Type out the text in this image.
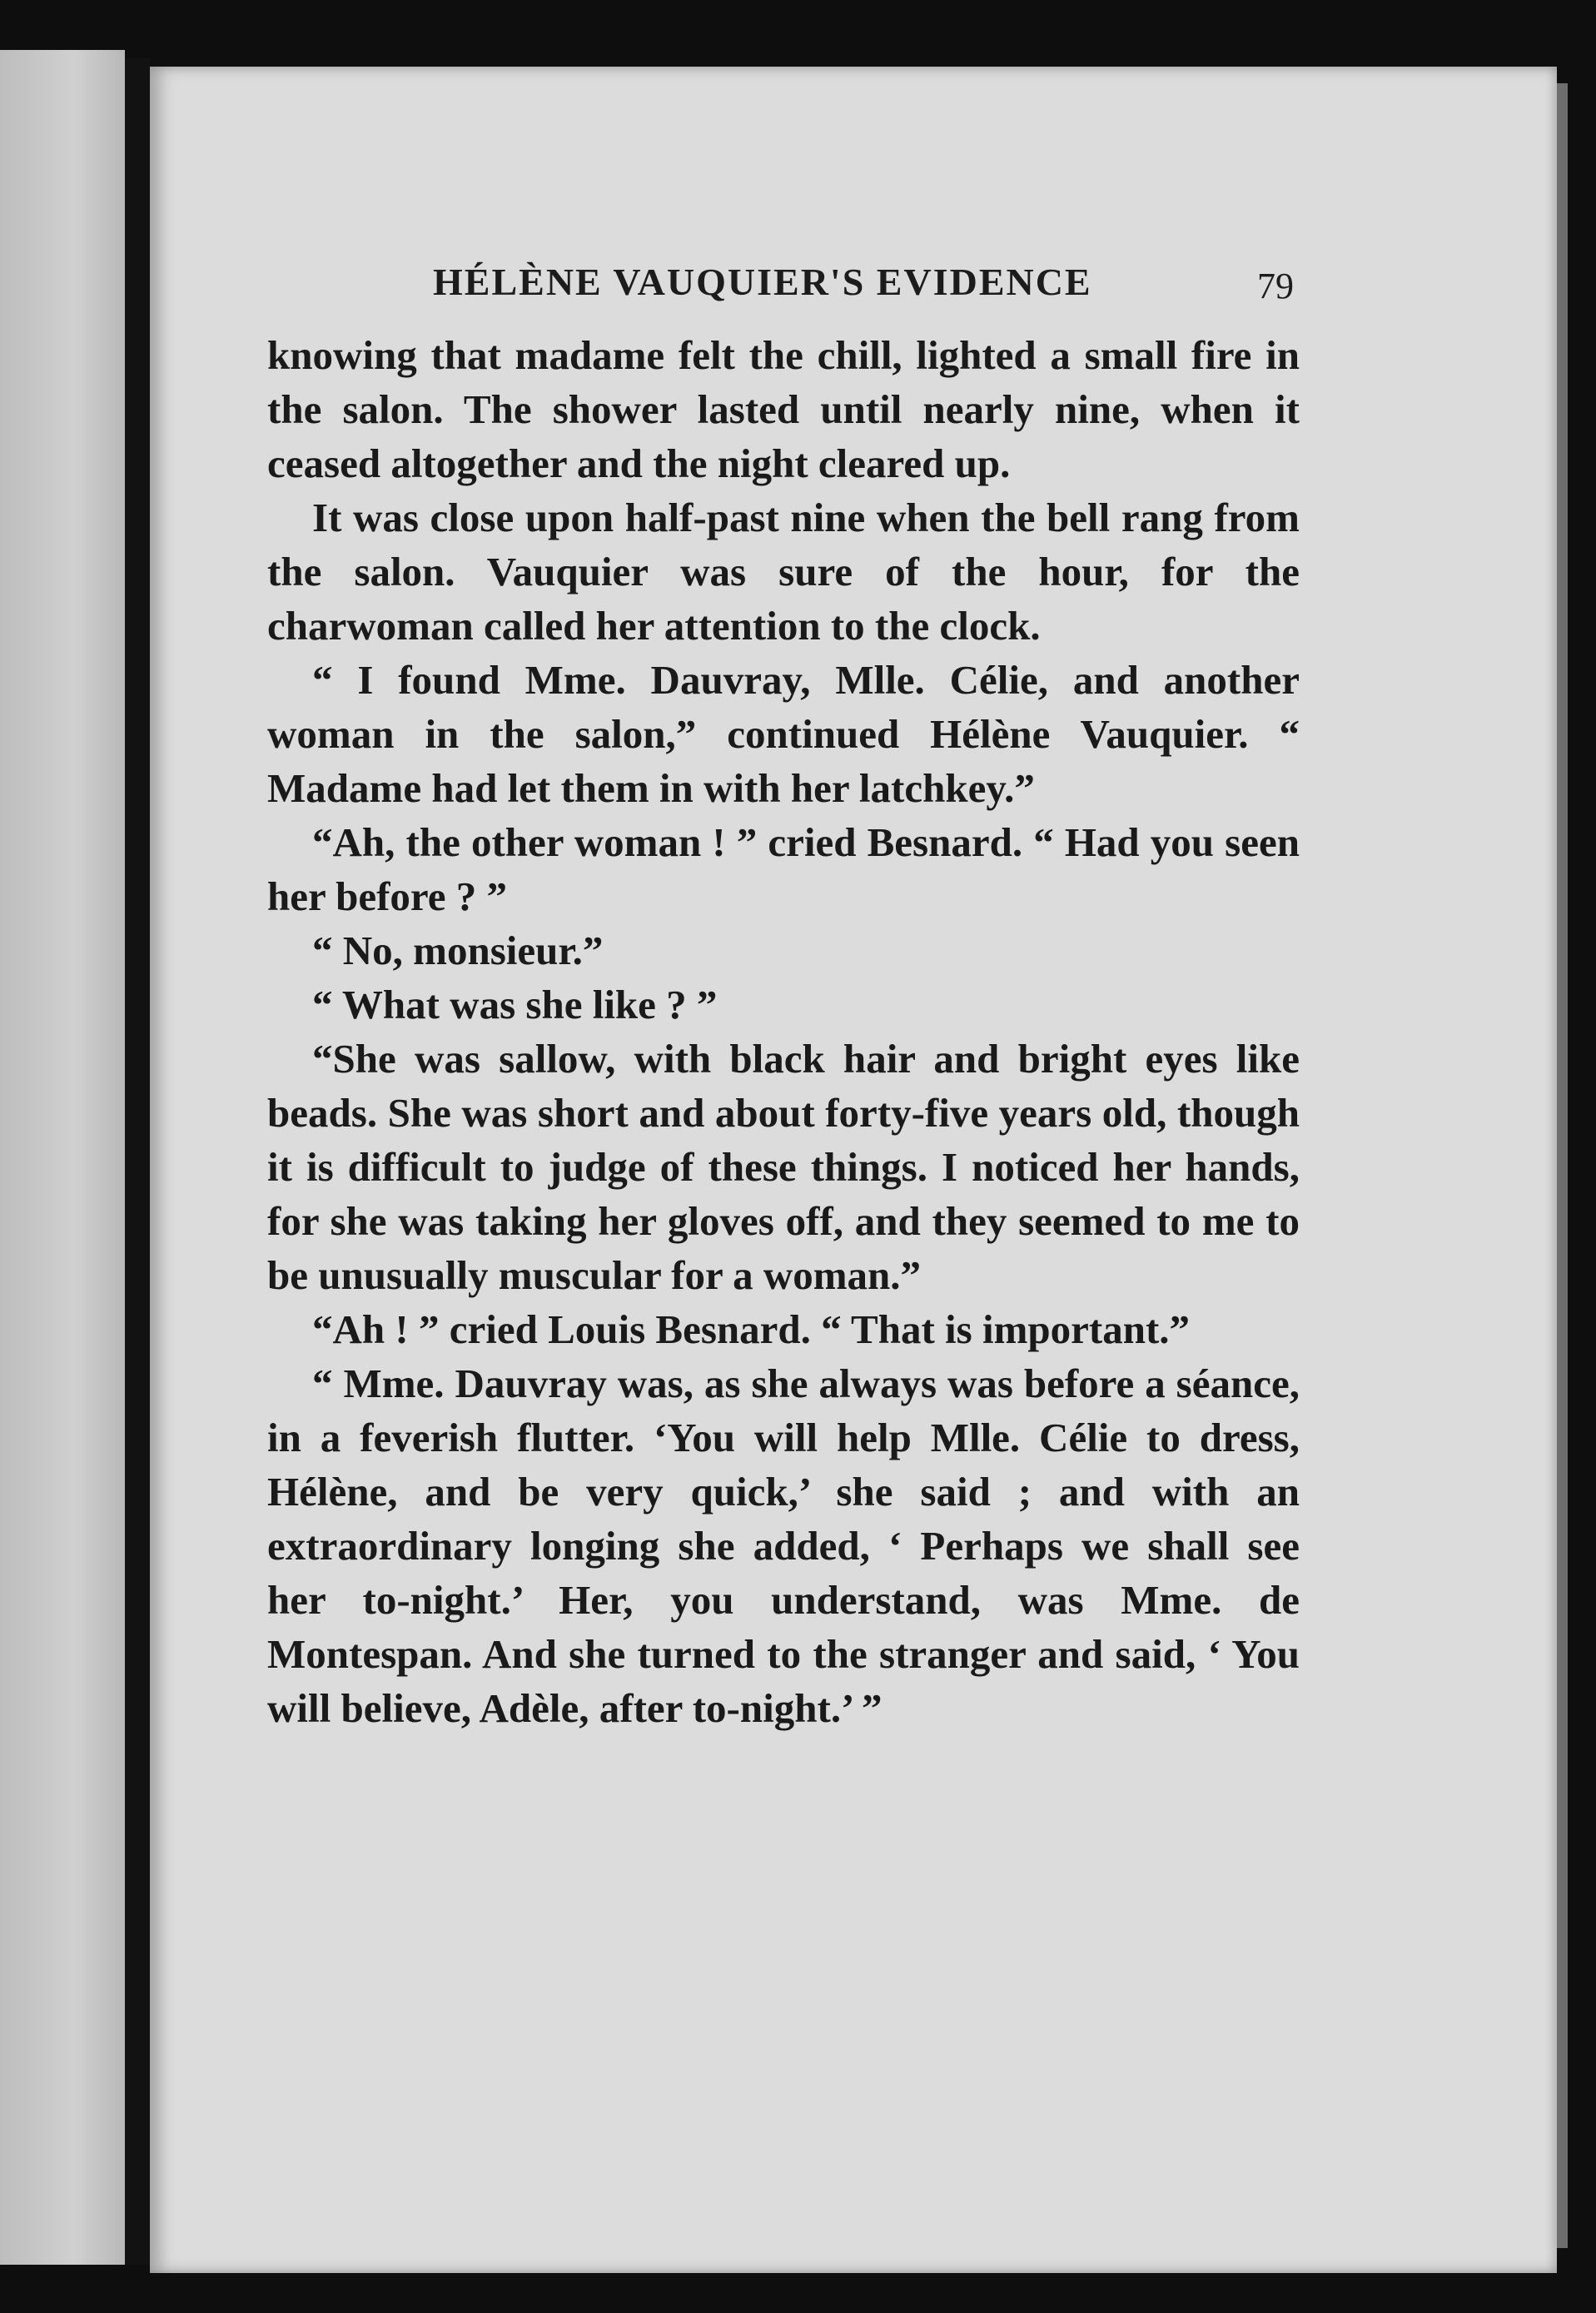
HÉLÈNE VAUQUIER'S EVIDENCE	79

knowing that madame felt the chill, lighted a small fire in the salon. The shower lasted until nearly nine, when it ceased altogether and the night cleared up.

It was close upon half-past nine when the bell rang from the salon. Vauquier was sure of the hour, for the charwoman called her attention to the clock.

“ I found Mme. Dauvray, Mlle. Célie, and another woman in the salon,” continued Hélène Vauquier. “ Madame had let them in with her latchkey.”

“Ah, the other woman ! ” cried Besnard. “ Had you seen her before ? ”

“ No, monsieur.”

“ What was she like ? ”

“She was sallow, with black hair and bright eyes like beads. She was short and about forty-five years old, though it is difficult to judge of these things. I noticed her hands, for she was taking her gloves off, and they seemed to me to be unusually muscular for a woman.”

“Ah ! ” cried Louis Besnard. “ That is important.”

“ Mme. Dauvray was, as she always was before a séance, in a feverish flutter. ‘You will help Mlle. Célie to dress, Hélène, and be very quick,’ she said ; and with an extraordinary longing she added, ‘ Perhaps we shall see her to-night.’ Her, you understand, was Mme. de Montespan. And she turned to the stranger and said, ‘ You will believe, Adèle, after to-night.’ ”
